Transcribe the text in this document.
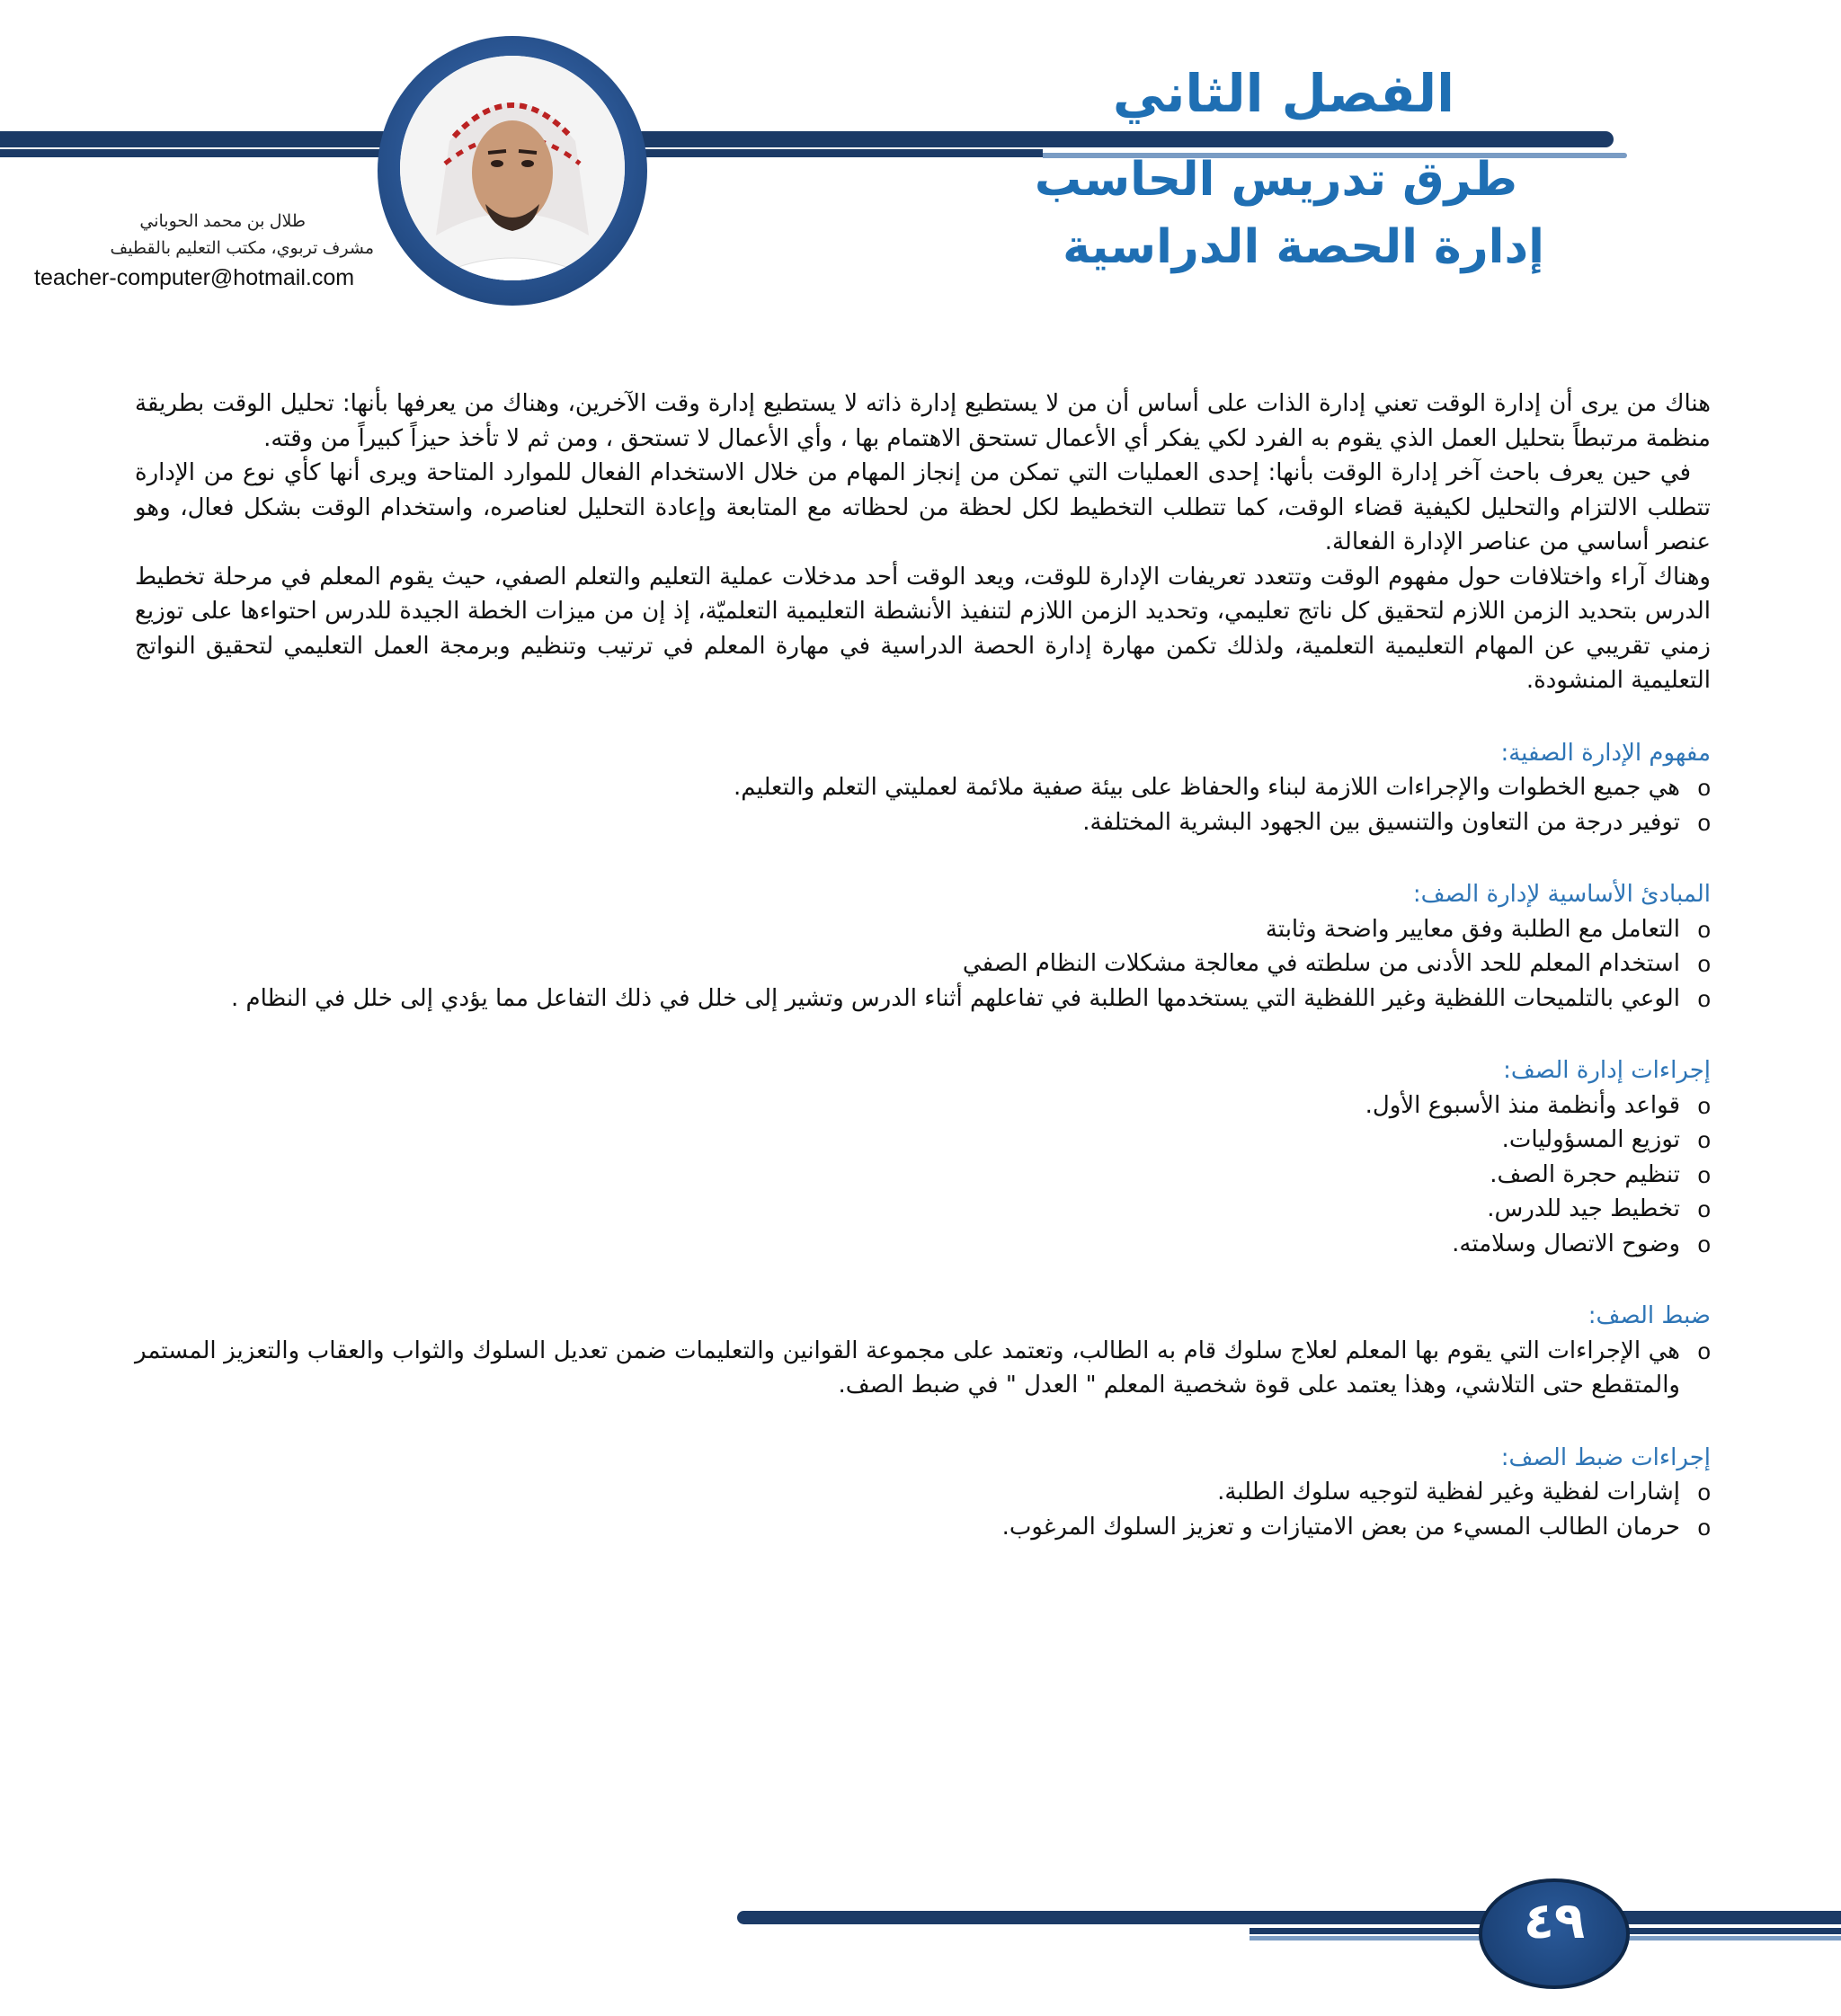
الفصل الثاني
طرق تدريس الحاسب
إدارة الحصة الدراسية
طلال بن محمد الحوباني
مشرف تربوي، مكتب التعليم بالقطيف
teacher-computer@hotmail.com

هناك من يرى أن إدارة الوقت تعني إدارة الذات على أساس أن من لا يستطيع إدارة ذاته لا يستطيع إدارة وقت الآخرين، وهناك من يعرفها بأنها: تحليل الوقت بطريقة منظمة مرتبطاً بتحليل العمل الذي يقوم به الفرد لكي يفكر أي الأعمال تستحق الاهتمام بها ، وأي الأعمال لا تستحق ، ومن ثم لا تأخذ حيزاً كبيراً من وقته.

في حين يعرف باحث آخر إدارة الوقت بأنها: إحدى العمليات التي تمكن من إنجاز المهام من خلال الاستخدام الفعال للموارد المتاحة ويرى أنها كأي نوع من الإدارة تتطلب الالتزام والتحليل لكيفية قضاء الوقت، كما تتطلب التخطيط لكل لحظة من لحظاته مع المتابعة وإعادة التحليل لعناصره، واستخدام الوقت بشكل فعال، وهو عنصر أساسي من عناصر الإدارة الفعالة.

وهناك آراء واختلافات حول مفهوم الوقت وتتعدد تعريفات الإدارة للوقت، ويعد الوقت أحد مدخلات عملية التعليم والتعلم الصفي، حيث يقوم المعلم في مرحلة تخطيط الدرس بتحديد الزمن اللازم لتحقيق كل ناتج تعليمي، وتحديد الزمن اللازم لتنفيذ الأنشطة التعليمية التعلميّة، إذ إن من ميزات الخطة الجيدة للدرس احتواءها على توزيع زمني تقريبي عن المهام التعليمية التعلمية، ولذلك تكمن مهارة إدارة الحصة الدراسية في مهارة المعلم في ترتيب وتنظيم وبرمجة العمل التعليمي لتحقيق النواتج التعليمية المنشودة.

مفهوم الإدارة الصفية:

o هي جميع الخطوات والإجراءات اللازمة لبناء والحفاظ على بيئة صفية ملائمة لعمليتي التعلم والتعليم.

o توفير درجة من التعاون والتنسيق بين الجهود البشرية المختلفة.

المبادئ الأساسية لإدارة الصف:

o التعامل مع الطلبة وفق معايير واضحة وثابتة

o استخدام المعلم للحد الأدنى من سلطته في معالجة مشكلات النظام الصفي

o الوعي بالتلميحات اللفظية وغير اللفظية التي يستخدمها الطلبة في تفاعلهم أثناء الدرس وتشير إلى خلل في ذلك التفاعل مما يؤدي إلى خلل في النظام .

إجراءات إدارة الصف:

o قواعد وأنظمة منذ الأسبوع الأول.

o توزيع المسؤوليات.

o تنظيم حجرة الصف.

o تخطيط جيد للدرس.

o وضوح الاتصال وسلامته.

ضبط الصف:

o هي الإجراءات التي يقوم بها المعلم لعلاج سلوك قام به الطالب، وتعتمد على مجموعة القوانين والتعليمات ضمن تعديل السلوك والثواب والعقاب والتعزيز المستمر والمتقطع حتى التلاشي، وهذا يعتمد على قوة شخصية المعلم " العدل " في ضبط الصف.

إجراءات ضبط الصف:

o إشارات لفظية وغير لفظية لتوجيه سلوك الطلبة.

o حرمان الطالب المسيء من بعض الامتيازات و تعزيز السلوك المرغوب.

٤٩
